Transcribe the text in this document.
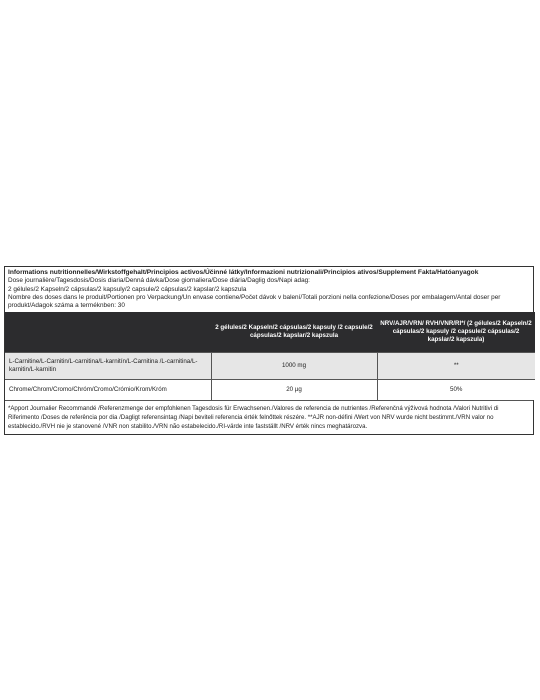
Informations nutritionnelles/Wirkstoffgehalt/Principios activos/Účinné látky/Informazioni nutrizionali/Principios ativos/Supplement Fakta/Hatóanyagok
Dose journalière/Tagesdosis/Dosis diaria/Denná dávka/Dose giornaliera/Dose diária/Daglig dos/Napi adag:
2 gélules/2 Kapseln/2 cápsulas/2 kapsuly/2 capsule/2 cápsulas/2 kapslar/2 kapszula
Nombre des doses dans le produit/Portionen pro Verpackung/Un envase contiene/Počet dávok v balení/Totali porzioni nella confezione/Doses por embalagem/Antal doser per produkt/Adagok száma a terméknben: 30
	2 gélules/2 Kapseln/2 cápsulas/2 kapsuly /2 capsule/2 cápsulas/2 kapslar/2 kapszula	NRV/AJR/VRN/ RVH/VNR/RI*/ (2 gélules/2 Kapseln/2 cápsulas/2 kapsuly /2 capsule/2 cápsulas/2 kapslar/2 kapszula)
L-Carnitine/L-Carnitin/L-carnitina/L-karnitín/L-Carnitina /L-carnitina/L-karnitin/L-karnitin	1000 mg	**
Chrome/Chrom/Cromo/Chróm/Cromo/Crómio/Krom/Króm	20 µg	50%
*Apport Journalier Recommandé /Referenzmenge der empfohlenen Tagesdosis für Erwachsenen./Valores de referencia de nutrientes /Referenčná výživová hodnota /Valori Nutritivi di Riferimento /Doses de referência por dia /Dagligt referensintag /Napi beviteli referencia érték felnőttek részére. **AJR non-défini /Wert von NRV wurde nicht bestimmt./VRN valor no establecido./RVH nie je stanovené /VNR non stabilito./VRN não estabelecido./RI-värde inte fastställt /NRV érték nincs meghatározva.
